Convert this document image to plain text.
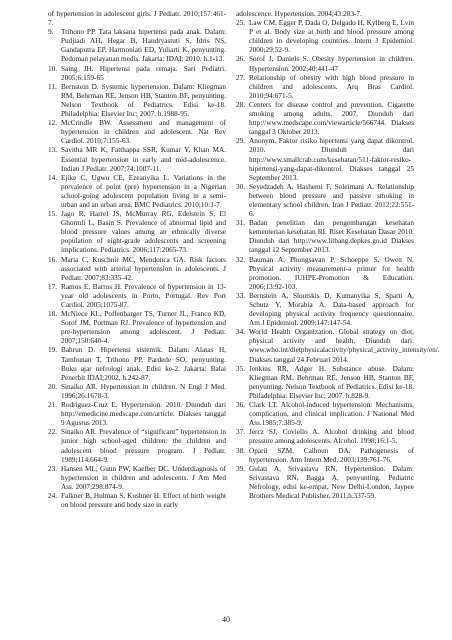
of hypertension in adolescent girls. J Pediatr. 2010;157:461-7.
9. Trihono PP. Tata laksana hipertensi pada anak. Dalam: Pudjiadi AH, Hegar B, Handryastuti S, Idris NS, Gandaputra EP, Harmoniati ED, Yuliarti K, penyunting. Pedoman pelayanan medis. Jakarta: IDAI; 2010. h.1-13.
10. Saing JH. Hipertensi pada remaja. Sari Pediatri. 2005;6:159-65
11. Bernstein D. Systemic hypertension. Dalam: Kliegman RM, Behrman RE, Jenson HB, Stanton BF, penyunting. Nelson Textbook of Pediatrics. Edisi ke-18. Philadelphia: Elsevier Inc; 2007. h.1988-95.
12. McCrindle BW. Assessment and management of hypertension in children and adolescent. Nat Rev Cardiol. 2010;7:155-63.
13. Savitha MR K, Fatthappa SSR, Kumar Y, Khan MA. Essential hypertension in early and mid-adolescence. Indian J Pediatr. 2007;74:1007-11.
14. Ejike C, Ugwu CE, Ezeanyika L. Variations in the prevalence of point (pre) hypertension in a Nigerian school-going adolescent population living in a semi-urban and an urban area. BMC Pediatrics. 2010;10:1-7.
15. Jago R, Harrel JS, McMurray RG, Edelstein S, El Ghormli L, Basin S. Prevalence of abnormal lipid and blood pressure values among an ethnically diverse population of eight-grade adolescents and screening implications. Pediatrics. 2006;117:2065-73.
16. Maria C, Kuschnir MC, Mendonca GA. Risk factors associated with arterial hypertension in adolescents. J Pediatr. 2007;83:335-42.
17. Ramos E, Barros H. Prevalence of hypertension in 13-year old adolescents in Porto, Portugal. Rev Port Cardiol. 2005;1075-87.
18. McNiece KL, Poffenbarger TS, Turner JL, Franco KD, Sorof JM, Portman RJ. Prevalence of hypertension and pre-hypertension among adolescent. J Pediatr. 2007;150:640-4.
19. Bahrun D. Hipertensi sistemik. Dalam: Alatas H, Tambunan T, Trihono PP, Pardede SO, penyunting. Buku ajar nefrologi anak. Edisi ke-2. Jakarta: Balai Penerbit IDAI;2002, h.242-87.
20. Sinaiko AR. Hypertension in children. N Engl J Med. 1996;26:1678-3.
21. Rodriguez-Cruz E. Hypertension. 2010. Diunduh dari http://emedicine.medscape.com/article. Diakses tanggal 9 Agustus 2013.
22. Sinaiko AR. Prevalence of “significant” hypertension in junior high school-aged children: the children and adolescent blood pressure program. J Pediatr. 1989;114:664-9.
23. Hansen ML, Gunn PW, Kaelber DC. Underdiagnosis of hypertension in children and adolescents. J Am Med Ass. 2007;298:874-9.
24. Falkner B, Hulman S, Kushner H. Effect of birth weight on blood pressure and body size in early
adolescence. Hypertension. 2004;43:203-7.
25. Law CM, Egger P, Dada O, Delgado H, Kylberg E, Lvin P et al. Body size at birth and blood pressure among children in developing countries. Intern J Epidemiol. 2000;29:52-9.
26. Sorof J, Daniels S. Obesity hypertension in children. Hypertension. 2002;40:441-47
27. Relationship of obesity with high blood pressure in children and adolescents. Arq Bras Cardiol. 2010;94:671-5.
28. Centers for disease control and prevention. Cigarette smoking among adults. 2007. Diunduh dari http://www.medscape.com/viewarticle/566744. Diakses tanggal 3 Oktober 2013.
29. Anonym. Faktor risiko hipertensi yang dapat dikontrol. 2010. Diunduh dari http://www.smallcrab.com/kesehatan/511-faktor-resiko-hipertensi-yang-dapat-dikontrol. Diakses tanggal 25 September 2013.
30. Seyedzadeh A, Hashemi F, Soleimani A. Relationship between blood pressure and passive smoking in elementary school children. Iran J Pediatr. 2012;22:551-6.
31. Badan penelitian dan pengembangan kesehatan kementerian kesehatan RI. Riset Kesehatan Dasar 2010. Diunduh dari http://www.litbang.depkes.go.id Diakses tanggal 12 September 2013.
32. Bauman A, Phongsavan P, Schoeppe S, Owen N. Physical activity measurement-a primer for health promotion. IUHPE-Promotion & Education. 2006;13:92-103.
33. Bernstein A, Sloutskis D, Kumanyika S, Sparti A, Schutz Y, Morabia A. Data-based approach for developing physical activity frequency questionnaire. Am J Epidemiol. 2009;147:147-54.
34. World Health Organization. Global strategy on diet, physical activity and health. Diunduh dari: www.who.int/dietphysicalactivity/physical_activity_intensity/en/. Diakses tanggal 24 Februari 2014.
35. Jenkins RR, Adger H. Substance abuse. Dalam: Kliegman RM, Behrman RE, Jenson HB, Stanton BF, penyunting. Nelson Textbook of Pediatrics. Edisi ke-18. Philadelphia: Elsevier Inc; 2007. h.828-9.
36. Clark LT. Alcohol-induced hypertension: Mechanisms, complication, and clinical implication. J National Med Ass.1985;7:385-9.
37. Jercz SJ, Coviello A. Alcohol drinking and blood pressure among adolescents. Alcohol. 1998;16:1-5.
38. Oparil SZM, Calhoun DA. Pathogenesis of hypertension. Ann Intern Med. 2003;139:761-76.
39. Gulati A, Srivastava RN, Hypertension. Dalam: Srivastava RN, Bagga A, penyunting. Pediatric Nefrology, edisi ke-empat, New Delhi-London, Jaypee Brothers Medical Publisher, 2011,h.337-59.
40
